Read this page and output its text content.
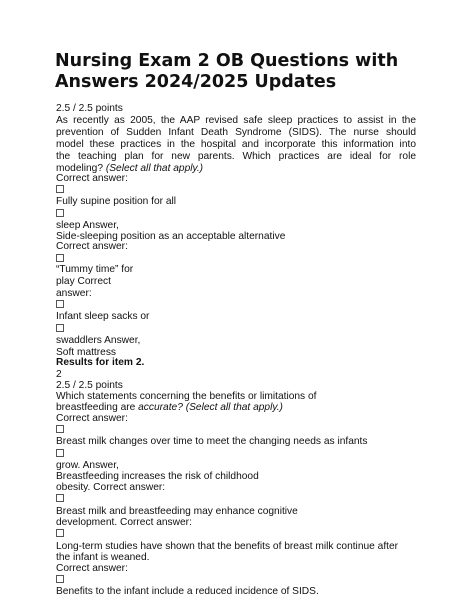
Nursing Exam 2 OB Questions with
Answers 2024/2025 Updates
2.5 / 2.5 points
As recently as 2005, the AAP revised safe sleep practices to assist in the
prevention of Sudden Infant Death Syndrome (SIDS). The nurse should
model these practices in the hospital and incorporate this information into
the teaching plan for new parents. Which practices are ideal for role
modeling? (Select all that apply.)
Correct answer:
Fully supine position for all
sleep Answer,
Side-sleeping position as an acceptable alternative
Correct answer:
“Tummy time” for
play Correct
answer:
Infant sleep sacks or
swaddlers Answer,
Soft mattress
Results for item 2.
2
2.5 / 2.5 points
Which statements concerning the benefits or limitations of
breastfeeding are accurate? (Select all that apply.)
Correct answer:
Breast milk changes over time to meet the changing needs as infants
grow. Answer,
Breastfeeding increases the risk of childhood
obesity. Correct answer:
Breast milk and breastfeeding may enhance cognitive
development. Correct answer:
Long-term studies have shown that the benefits of breast milk continue after
the infant is weaned.
Correct answer:
Benefits to the infant include a reduced incidence of SIDS.
